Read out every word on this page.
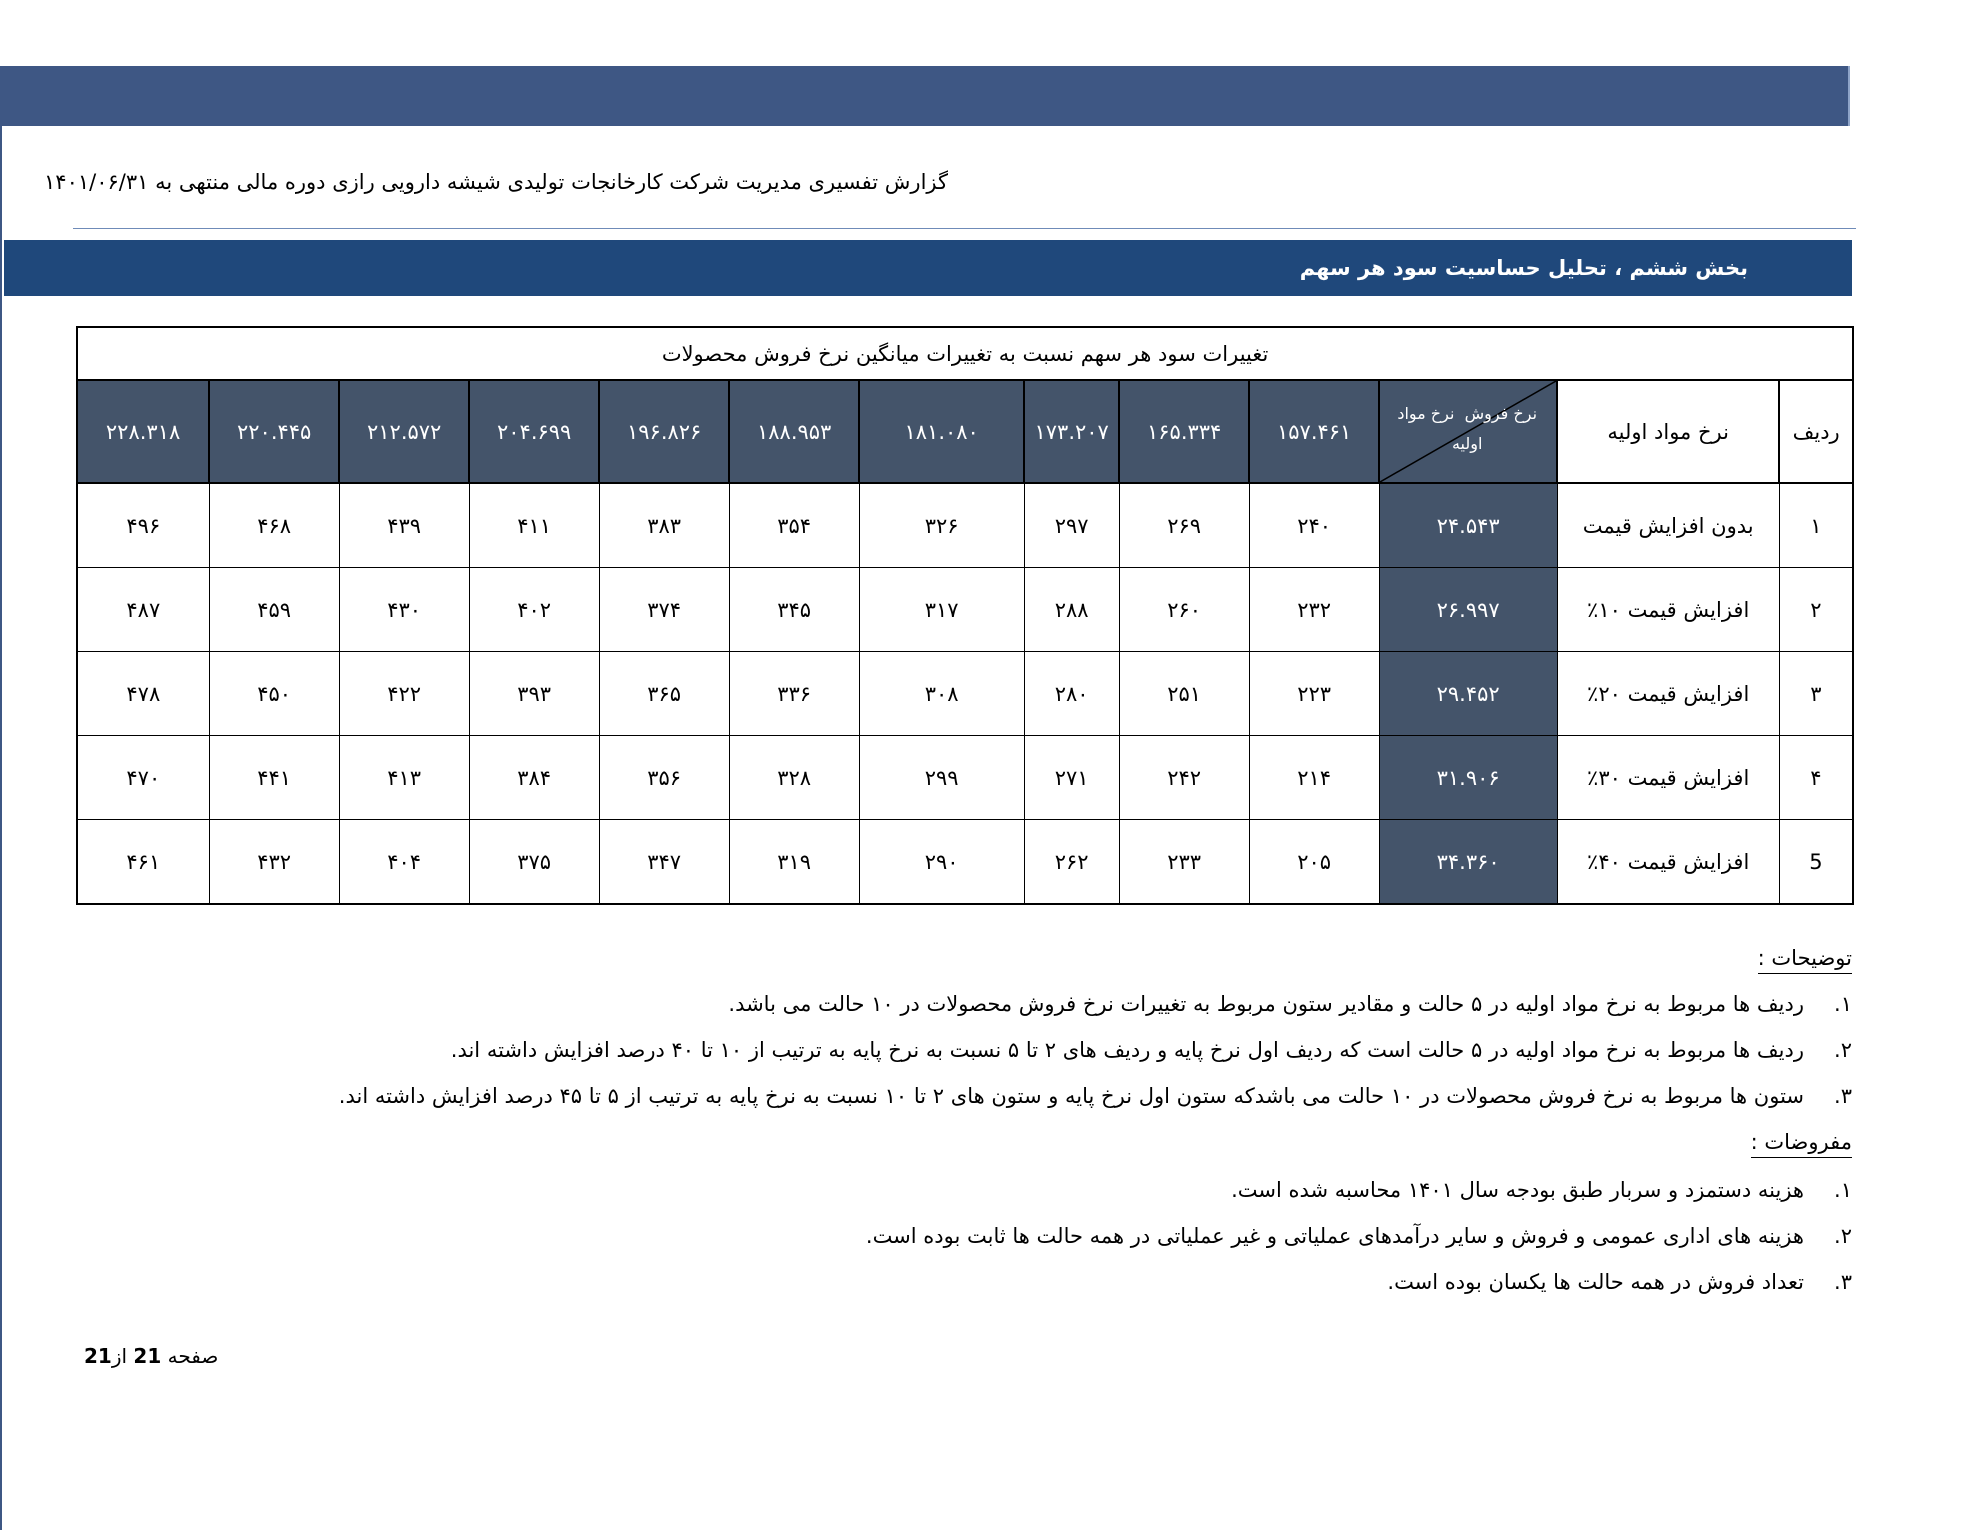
گزارش تفسیری مدیریت شرکت کارخانجات تولیدی شیشه دارویی رازی دوره مالی منتهی به ۱۴۰۱/۰۶/۳۱
بخش ششم ، تحلیل حساسیت سود هر سهم
تغییرات سود هر سهم نسبت به تغییرات میانگین نرخ فروش محصولات												
ردیف	نرخ مواد اولیه	نرخ فروش  نرخ مواد اولیه	۱۵۷.۴۶۱	۱۶۵.۳۳۴	۱۷۳.۲۰۷	۱۸۱.۰۸۰	۱۸۸.۹۵۳	۱۹۶.۸۲۶	۲۰۴.۶۹۹	۲۱۲.۵۷۲	۲۲۰.۴۴۵	۲۲۸.۳۱۸
۱	بدون افزایش قیمت	۲۴.۵۴۳	۲۴۰	۲۶۹	۲۹۷	۳۲۶	۳۵۴	۳۸۳	۴۱۱	۴۳۹	۴۶۸	۴۹۶
۲	افزایش قیمت ۱۰٪	۲۶.۹۹۷	۲۳۲	۲۶۰	۲۸۸	۳۱۷	۳۴۵	۳۷۴	۴۰۲	۴۳۰	۴۵۹	۴۸۷
۳	افزایش قیمت ۲۰٪	۲۹.۴۵۲	۲۲۳	۲۵۱	۲۸۰	۳۰۸	۳۳۶	۳۶۵	۳۹۳	۴۲۲	۴۵۰	۴۷۸
۴	افزایش قیمت ۳۰٪	۳۱.۹۰۶	۲۱۴	۲۴۲	۲۷۱	۲۹۹	۳۲۸	۳۵۶	۳۸۴	۴۱۳	۴۴۱	۴۷۰
5	افزایش قیمت ۴۰٪	۳۴.۳۶۰	۲۰۵	۲۳۳	۲۶۲	۲۹۰	۳۱۹	۳۴۷	۳۷۵	۴۰۴	۴۳۲	۴۶۱
توضیحات :
۱.ردیف ها مربوط به نرخ مواد اولیه در ۵ حالت و مقادیر ستون مربوط به تغییرات نرخ فروش محصولات در ۱۰ حالت می باشد.
۲.ردیف ها مربوط به نرخ مواد اولیه در ۵ حالت است که ردیف اول نرخ پایه و ردیف های ۲ تا ۵ نسبت به نرخ پایه به ترتیب از ۱۰ تا ۴۰ درصد افزایش داشته اند.
۳.ستون ها مربوط به نرخ فروش محصولات در ۱۰ حالت می باشدکه ستون اول نرخ پایه و ستون های ۲ تا ۱۰ نسبت به نرخ پایه به ترتیب از ۵ تا ۴۵ درصد افزایش داشته اند.
مفروضات :
۱.هزینه دستمزد و سربار طبق بودجه سال ۱۴۰۱ محاسبه شده است.
۲.هزینه های اداری عمومی و فروش و سایر درآمدهای عملیاتی و غیر عملیاتی در همه حالت ها ثابت بوده است.
۳.تعداد فروش در همه حالت ها یکسان بوده است.
صفحه 21 از21
